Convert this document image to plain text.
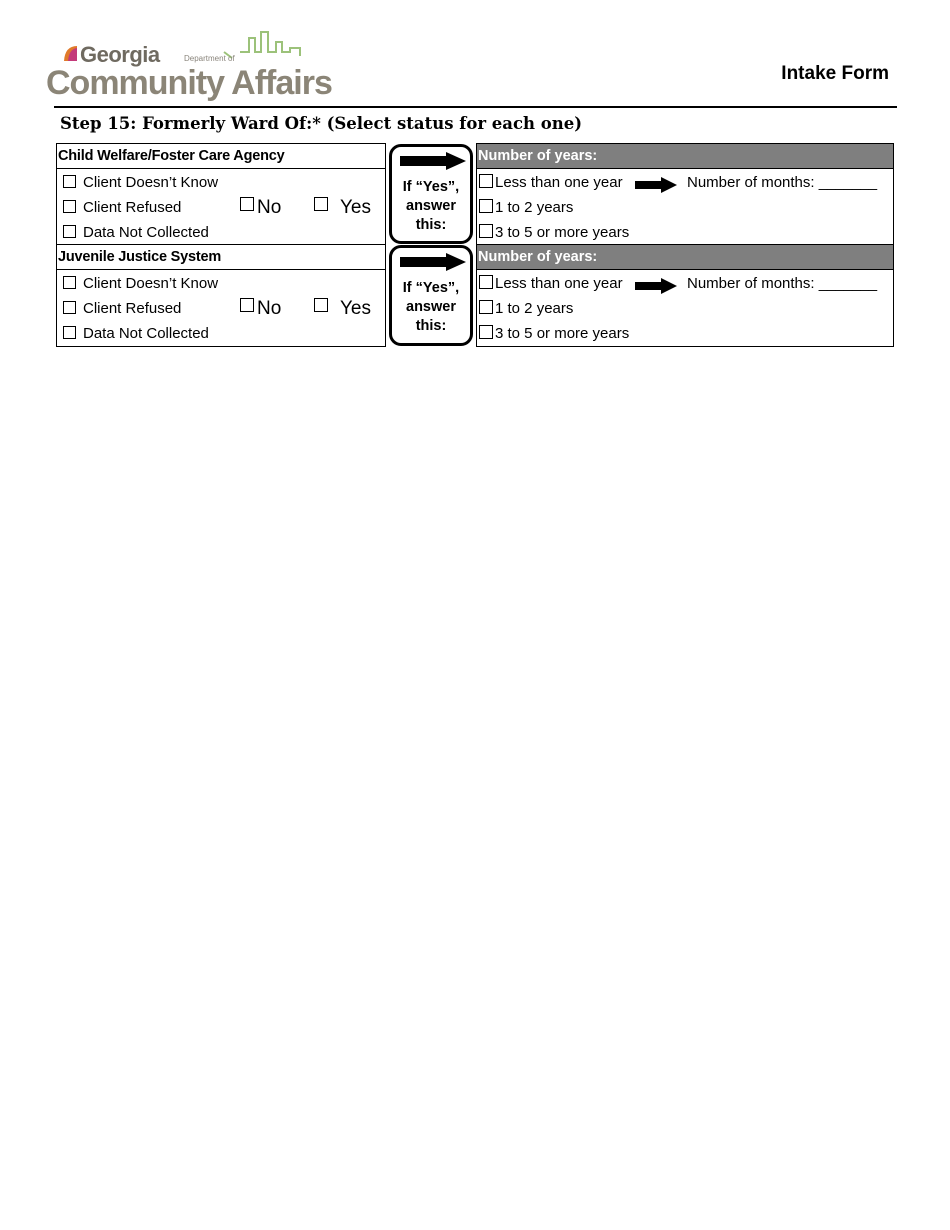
Georgia	Department of
Community Affairs	Intake Form
Step 15: Formerly Ward Of:* (Select status for each one)
Child Welfare/Foster Care Agency
Client Doesn’t Know
Client Refused
Data Not Collected
No	Yes
If “Yes”,
answer
this:
Number of years:
Less than one year	Number of months: _______
1 to 2 years
3 to 5 or more years
Juvenile Justice System
Client Doesn’t Know
Client Refused
Data Not Collected
No	Yes
If “Yes”,
answer
this:
Number of years:
Less than one year	Number of months: _______
1 to 2 years
3 to 5 or more years
